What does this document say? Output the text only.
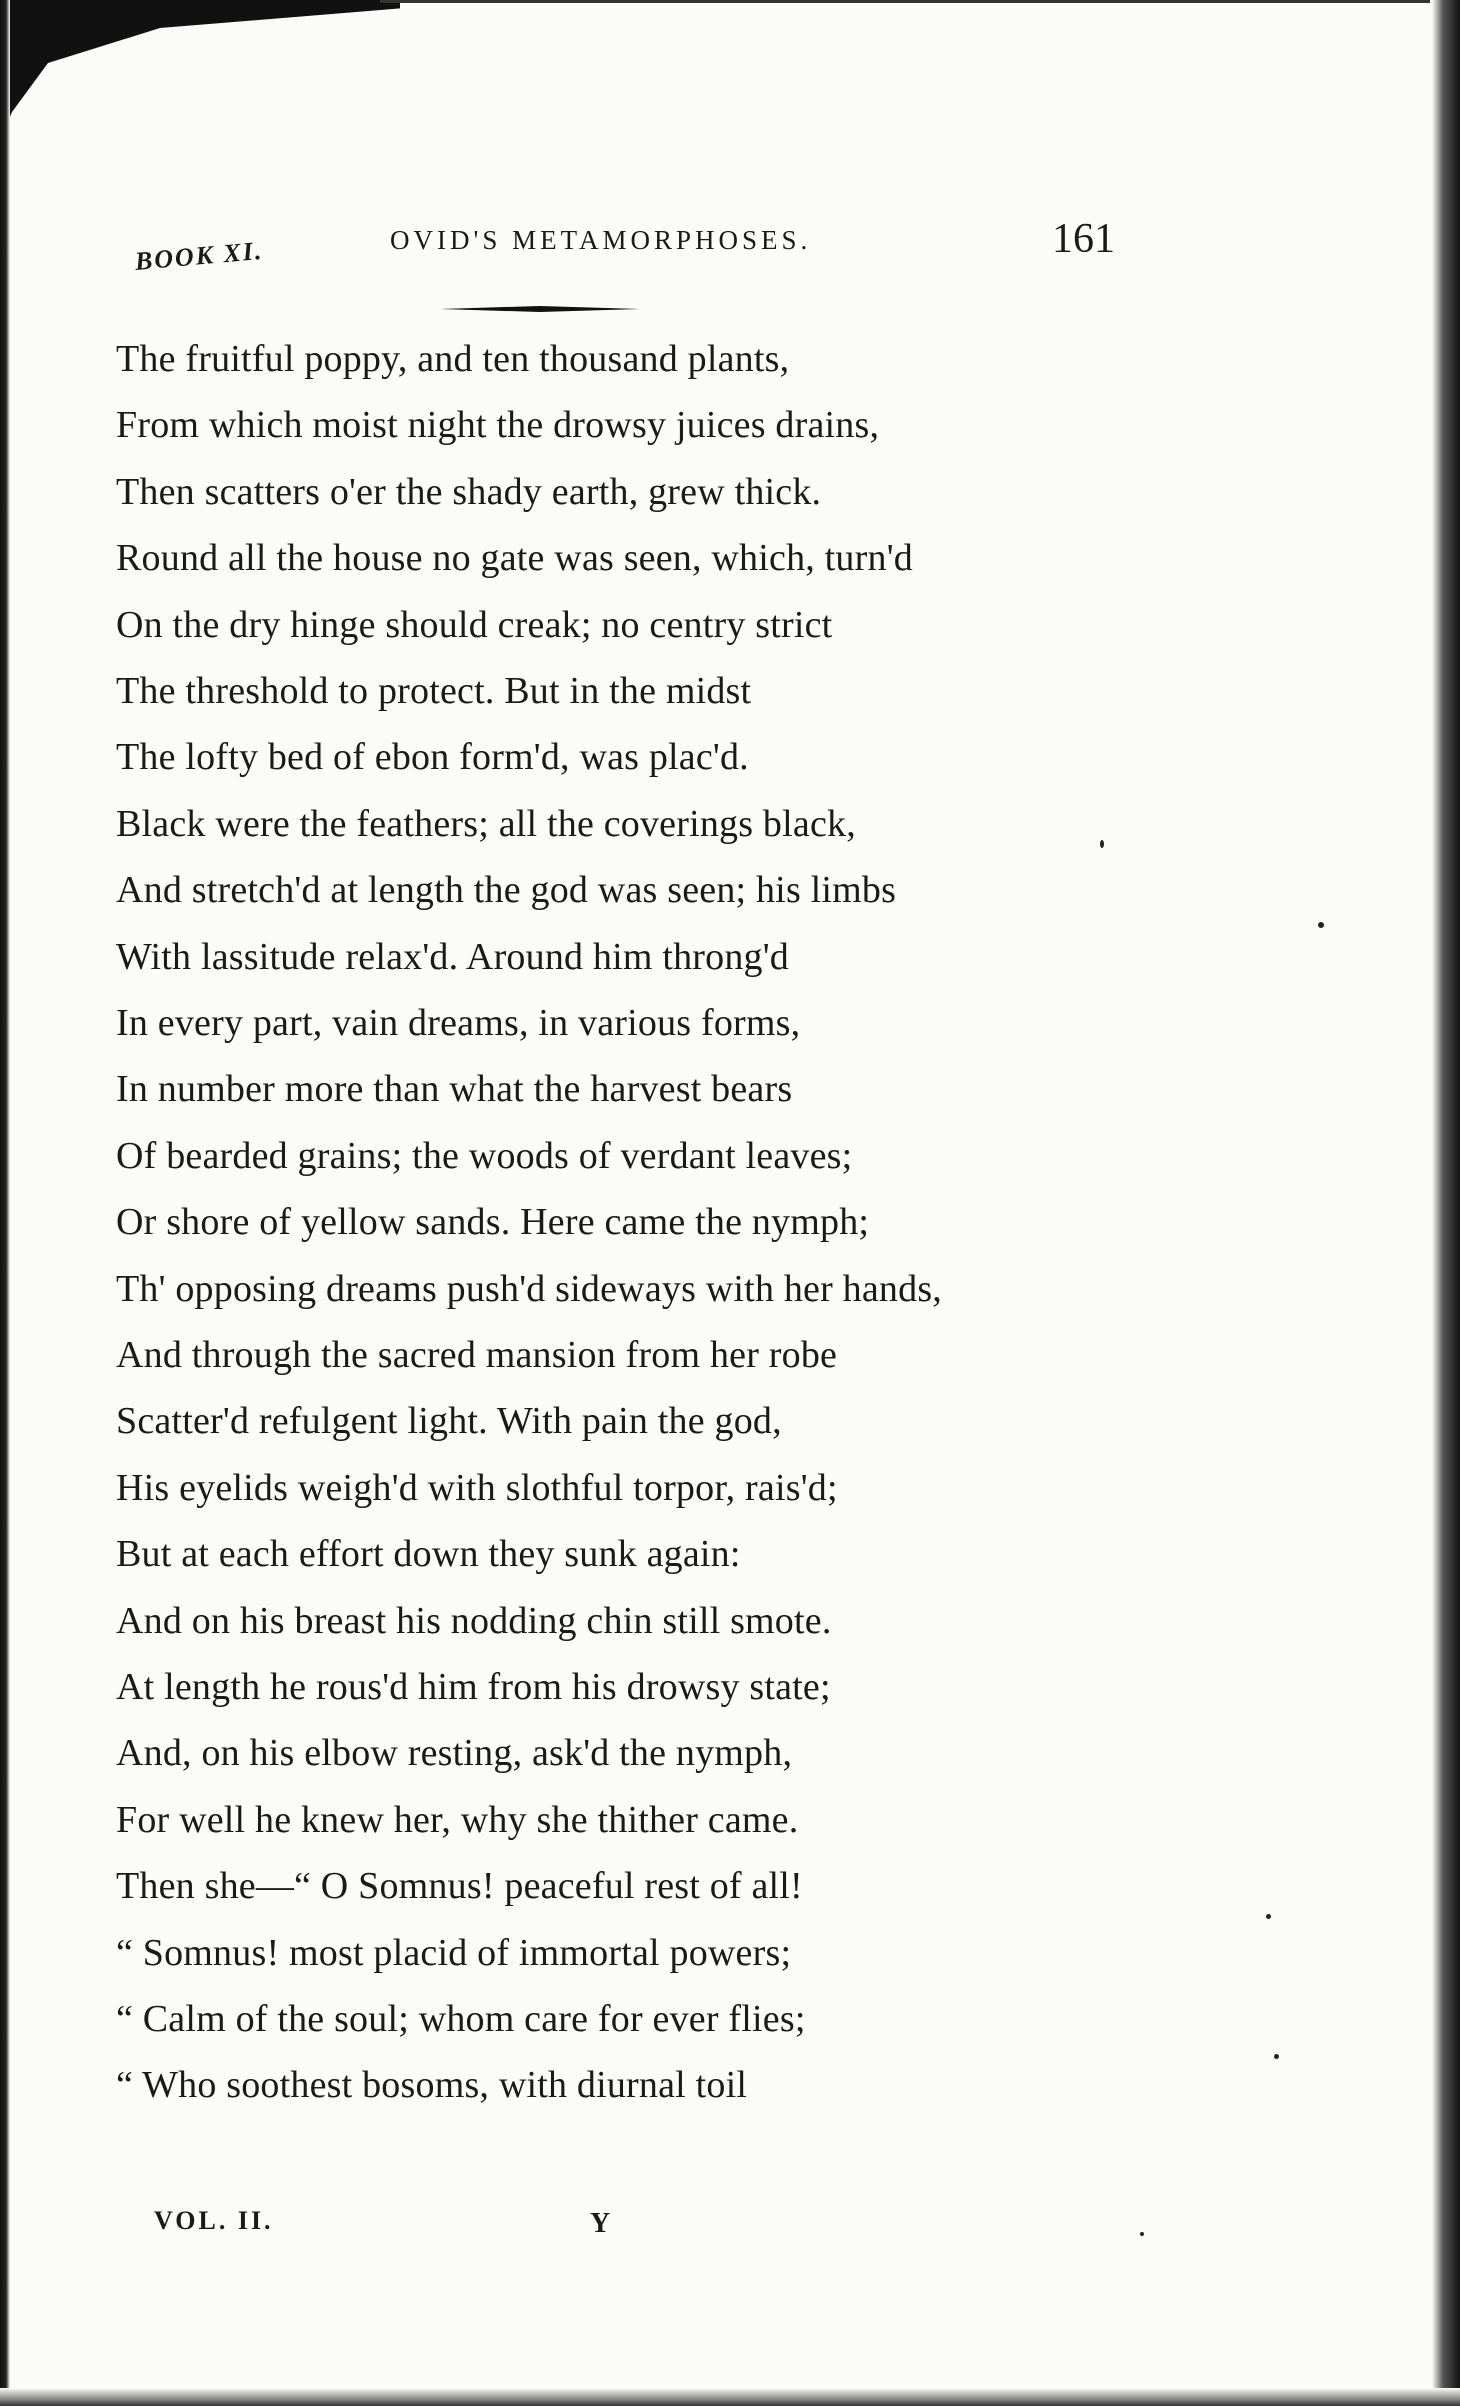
BOOK XI.	OVID'S METAMORPHOSES.	161
The fruitful poppy, and ten thousand plants,
From which moist night the drowsy juices drains,
Then scatters o'er the shady earth, grew thick.
Round all the house no gate was seen, which, turn'd
On the dry hinge should creak; no centry strict
The threshold to protect. But in the midst
The lofty bed of ebon form'd, was plac'd.
Black were the feathers; all the coverings black,
And stretch'd at length the god was seen; his limbs
With lassitude relax'd. Around him throng'd
In every part, vain dreams, in various forms,
In number more than what the harvest bears
Of bearded grains; the woods of verdant leaves;
Or shore of yellow sands. Here came the nymph;
Th' opposing dreams push'd sideways with her hands,
And through the sacred mansion from her robe
Scatter'd refulgent light. With pain the god,
His eyelids weigh'd with slothful torpor, rais'd;
But at each effort down they sunk again:
And on his breast his nodding chin still smote.
At length he rous'd him from his drowsy state;
And, on his elbow resting, ask'd the nymph,
For well he knew her, why she thither came.
Then she—“ O Somnus! peaceful rest of all!
“ Somnus! most placid of immortal powers;
“ Calm of the soul; whom care for ever flies;
“ Who soothest bosoms, with diurnal toil
VOL. II.	Y
